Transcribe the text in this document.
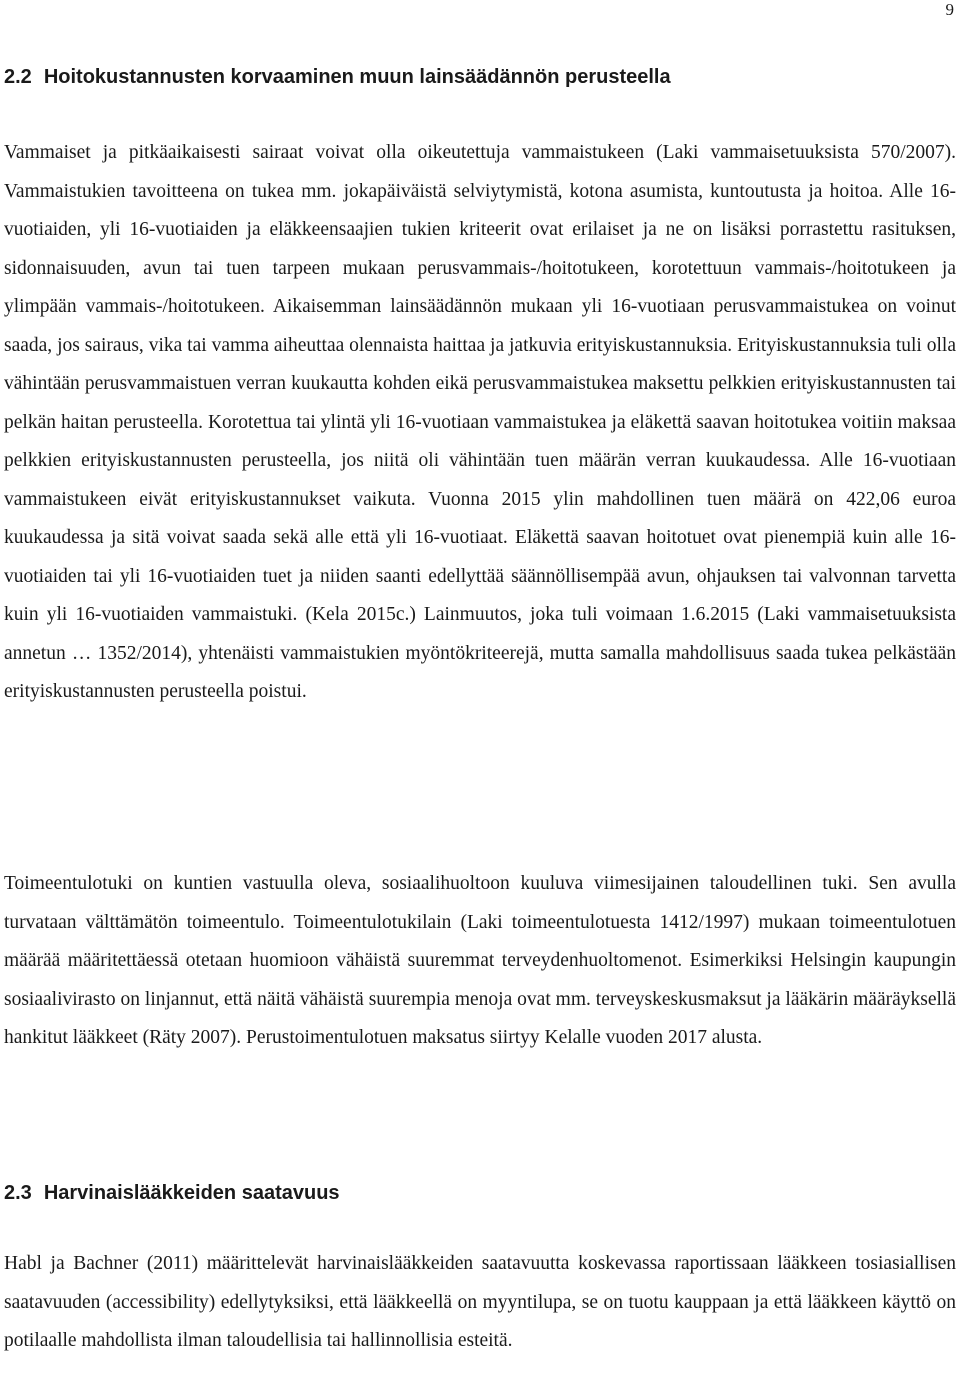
9
2.2 Hoitokustannusten korvaaminen muun lainsäädännön perusteella

Vammaiset ja pitkäaikaisesti sairaat voivat olla oikeutettuja vammaistukeen (Laki vammaisetuuksista 570/2007). Vammaistukien tavoitteena on tukea mm. jokapäiväistä selviytymistä, kotona asumista, kuntoutusta ja hoitoa. Alle 16-vuotiaiden, yli 16-vuotiaiden ja eläkkeensaajien tukien kriteerit ovat erilaiset ja ne on lisäksi porrastettu rasituksen, sidonnaisuuden, avun tai tuen tarpeen mukaan perusvammais-/hoitotukeen, korotettuun vammais-/hoitotukeen ja ylimpään vammais-/hoitotukeen. Aikaisemman lainsäädännön mukaan yli 16-vuotiaan perusvammaistukea on voinut saada, jos sairaus, vika tai vamma aiheuttaa olennaista haittaa ja jatkuvia erityiskustannuksia. Erityiskustannuksia tuli olla vähintään perusvammaistuen verran kuukautta kohden eikä perusvammaistukea maksettu pelkkien erityiskustannusten tai pelkän haitan perusteella. Korotettua tai ylintä yli 16-vuotiaan vammaistukea ja eläkettä saavan hoitotukea voitiin maksaa pelkkien erityiskustannusten perusteella, jos niitä oli vähintään tuen määrän verran kuukaudessa. Alle 16-vuotiaan vammaistukeen eivät erityiskustannukset vaikuta. Vuonna 2015 ylin mahdollinen tuen määrä on 422,06 euroa kuukaudessa ja sitä voivat saada sekä alle että yli 16-vuotiaat. Eläkettä saavan hoitotuet ovat pienempiä kuin alle 16-vuotiaiden tai yli 16-vuotiaiden tuet ja niiden saanti edellyttää säännöllisempää avun, ohjauksen tai valvonnan tarvetta kuin yli 16-vuotiaiden vammaistuki. (Kela 2015c.) Lainmuutos, joka tuli voimaan 1.6.2015 (Laki vammaisetuuksista annetun … 1352/2014), yhtenäisti vammaistukien myöntökriteerejä, mutta samalla mahdollisuus saada tukea pelkästään erityiskustannusten perusteella poistui.

Toimeentulotuki on kuntien vastuulla oleva, sosiaalihuoltoon kuuluva viimesijainen taloudellinen tuki. Sen avulla turvataan välttämätön toimeentulo. Toimeentulotukilain (Laki toimeentulotuesta 1412/1997) mukaan toimeentulotuen määrää määritettäessä otetaan huomioon vähäistä suuremmat terveydenhuoltomenot. Esimerkiksi Helsingin kaupungin sosiaalivirasto on linjannut, että näitä vähäistä suurempia menoja ovat mm. terveyskeskusmaksut ja lääkärin määräyksellä hankitut lääkkeet (Räty 2007). Perustoimentulotuen maksatus siirtyy Kelalle vuoden 2017 alusta.

2.3 Harvinaislääkkeiden saatavuus

Habl ja Bachner (2011) määrittelevät harvinaislääkkeiden saatavuutta koskevassa raportissaan lääkkeen tosiasiallisen saatavuuden (accessibility) edellytyksiksi, että lääkkeellä on myyntilupa, se on tuotu kauppaan ja että lääkkeen käyttö on potilaalle mahdollista ilman taloudellisia tai hallinnollisia esteitä.
